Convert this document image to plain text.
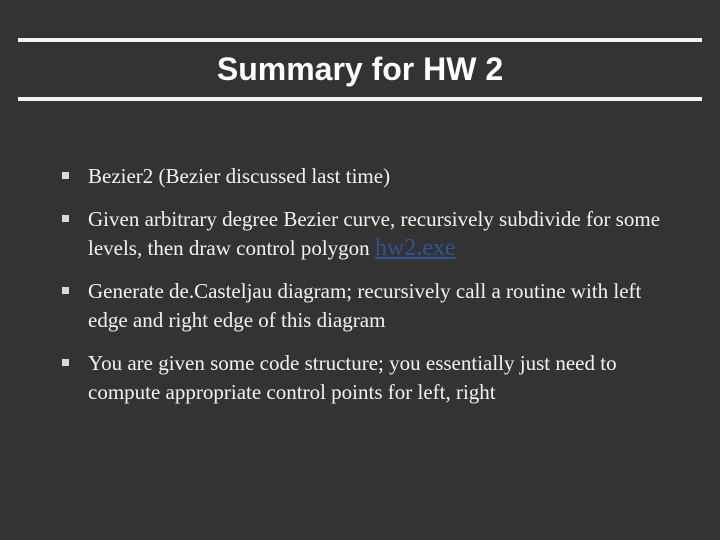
Summary for HW 2
Bezier2 (Bezier discussed last time)
Given arbitrary degree Bezier curve, recursively subdivide for some levels, then draw control polygon hw2.exe
Generate de.Casteljau diagram; recursively call a routine with left edge and right edge of this diagram
You are given some code structure; you essentially just need to compute appropriate control points for left, right
